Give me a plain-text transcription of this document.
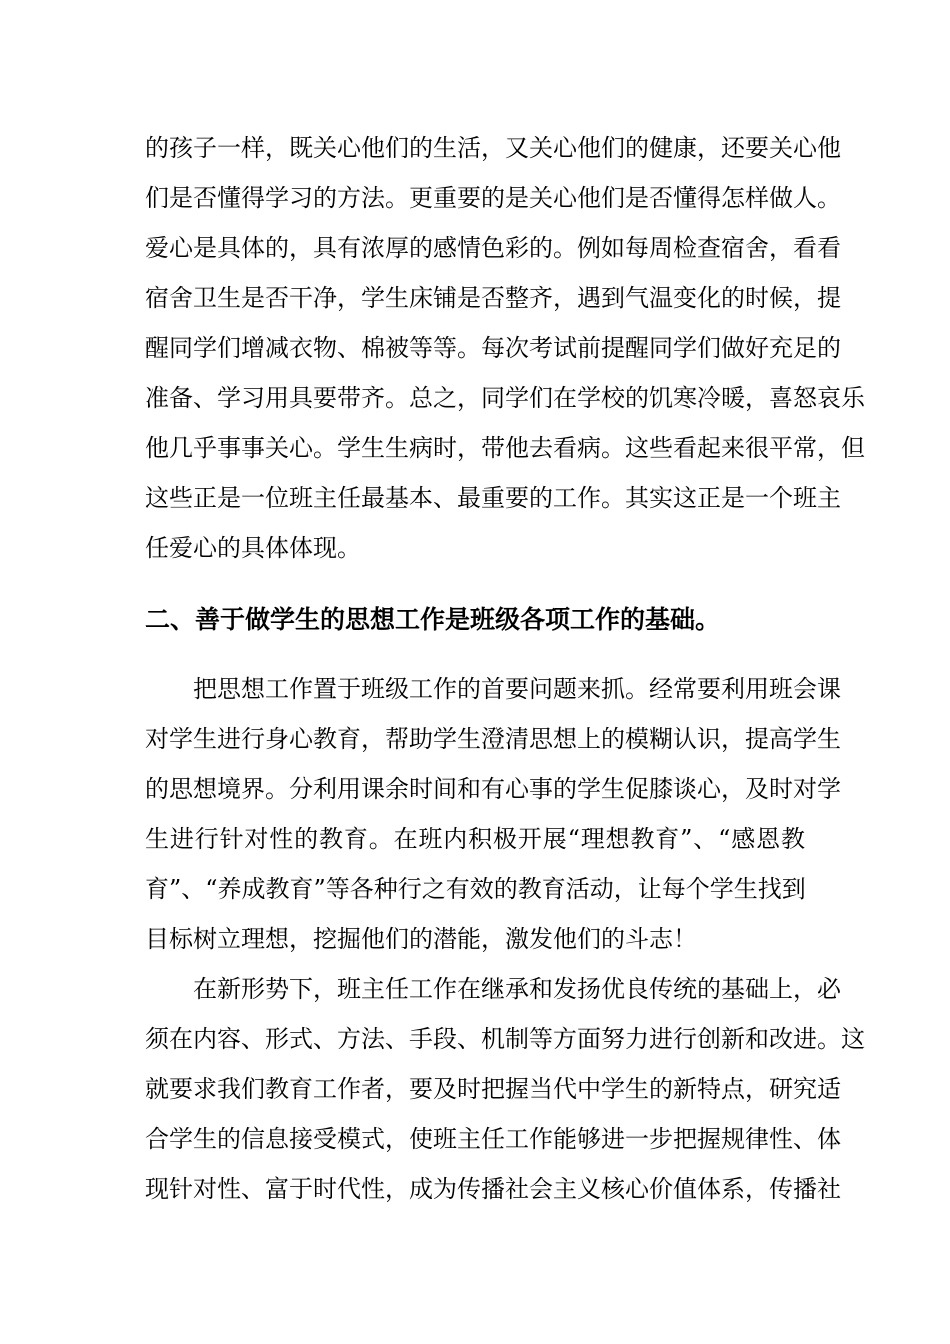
的孩子一样，既关心他们的生活，又关心他们的健康，还要关心他
们是否懂得学习的方法。更重要的是关心他们是否懂得怎样做人。
爱心是具体的，具有浓厚的感情色彩的。例如每周检查宿舍，看看
宿舍卫生是否干净，学生床铺是否整齐，遇到气温变化的时候，提
醒同学们增减衣物、棉被等等。每次考试前提醒同学们做好充足的
准备、学习用具要带齐。总之，同学们在学校的饥寒冷暖，喜怒哀乐
他几乎事事关心。学生生病时，带他去看病。这些看起来很平常，但
这些正是一位班主任最基本、最重要的工作。其实这正是一个班主
任爱心的具体体现。
二、善于做学生的思想工作是班级各项工作的基础。
把思想工作置于班级工作的首要问题来抓。经常要利用班会课
对学生进行身心教育，帮助学生澄清思想上的模糊认识，提高学生
的思想境界。分利用课余时间和有心事的学生促膝谈心，及时对学
生进行针对性的教育。在班内积极开展“理想教育”、“感恩教
育”、“养成教育”等各种行之有效的教育活动，让每个学生找到
目标树立理想，挖掘他们的潜能，激发他们的斗志！
在新形势下，班主任工作在继承和发扬优良传统的基础上，必
须在内容、形式、方法、手段、机制等方面努力进行创新和改进。这
就要求我们教育工作者，要及时把握当代中学生的新特点，研究适
合学生的信息接受模式，使班主任工作能够进一步把握规律性、体
现针对性、富于时代性，成为传播社会主义核心价值体系，传播社
